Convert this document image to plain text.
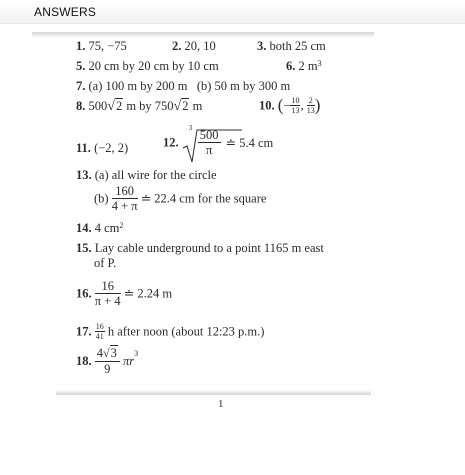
ANSWERS
1. 75, −75	2. 20, 10	3. both 25 cm
5. 20 cm by 20 cm by 10 cm	6. 2 $m^3$
7. (a) 100 m by 200 m   (b) 50 m by 300 m
8. 500√2 m by 750√2 m	10. (− $\frac{10}{13}$ , $\frac{2}{13}$ )
11. (−2, 2)	12.
$3 \frac{500}{\pi}$ ≐ 5.4 cm
13. (a) all wire for the circle
$(b) \frac{160}{4 + \pi}$ ≐ 22.4 cm for the square
14. 4 $cm^2$
15. Lay cable underground to a point 1165 m east
of P.
16. $\frac{16}{\pi + 4}$ ≐ 2.24 m
17. $\frac{16}{41}$ h after noon (about 12:23 p.m.)
18. $\frac{4√3}{9} \pi r^3$
1
